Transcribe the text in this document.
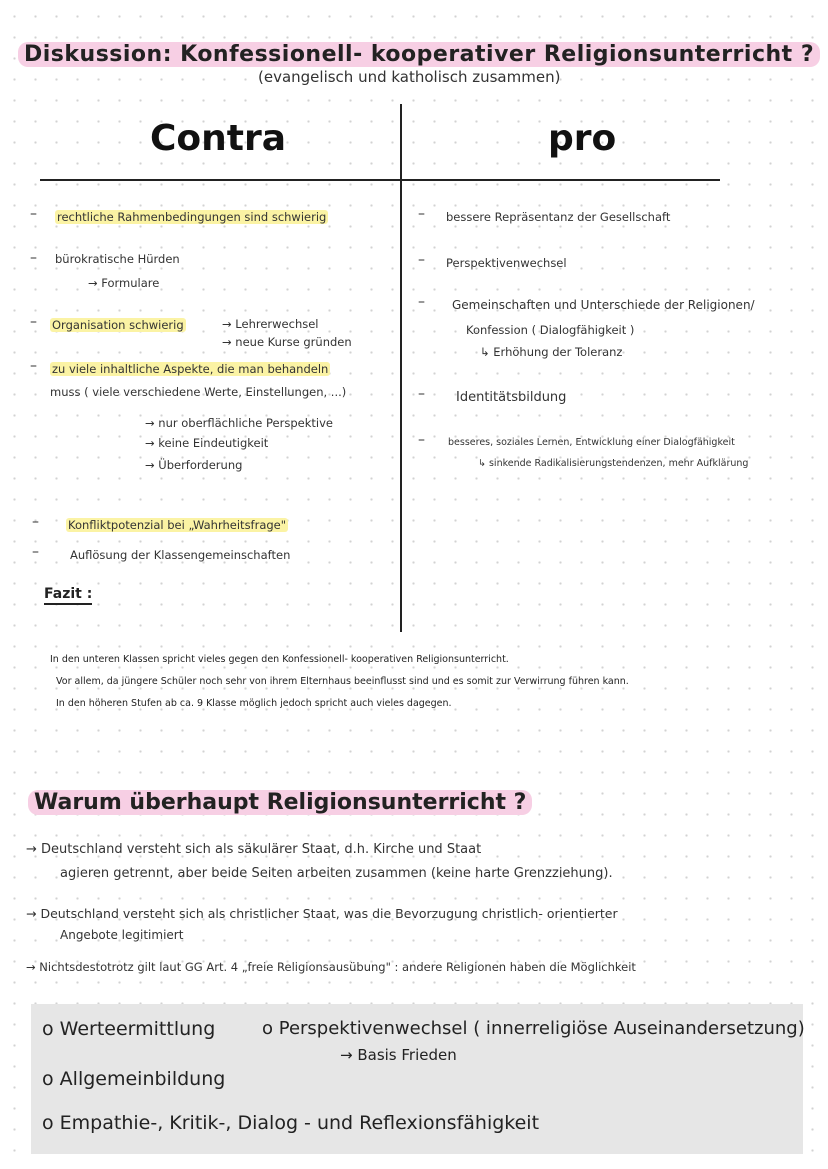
Diskussion: Konfessionell- kooperativer Religionsunterricht ?
(evangelisch und katholisch zusammen)
Contra	pro
– rechtliche Rahmenbedingungen sind schwierig
– bürokratische Hürden
→ Formulare
– Organisation schwierig	→ Lehrerwechsel
→ neue Kurse gründen
– zu viele inhaltliche Aspekte, die man behandeln
muss ( viele verschiedene Werte, Einstellungen, ...)
→ nur oberflächliche Perspektive
→ keine Eindeutigkeit
→ Überforderung
–	Konfliktpotenzial bei „Wahrheitsfrage"
–	Auflösung der Klassengemeinschaften
Fazit :
– bessere Repräsentanz der Gesellschaft
– Perspektivenwechsel
– Gemeinschaften und Unterschiede der Religionen/
Konfession ( Dialogfähigkeit )
↳ Erhöhung der Toleranz
– Identitätsbildung
– besseres, soziales Lernen, Entwicklung einer Dialogfähigkeit
↳ sinkende Radikalisierungstendenzen, mehr Aufklärung
In den unteren Klassen spricht vieles gegen den Konfessionell- kooperativen Religionsunterricht.
Vor allem, da jüngere Schüler noch sehr von ihrem Elternhaus beeinflusst sind und es somit zur Verwirrung führen kann.
In den höheren Stufen ab ca. 9 Klasse möglich jedoch spricht auch vieles dagegen.
Warum überhaupt Religionsunterricht ?
→ Deutschland versteht sich als säkulärer Staat, d.h. Kirche und Staat
agieren getrennt, aber beide Seiten arbeiten zusammen (keine harte Grenzziehung).
→ Deutschland versteht sich als christlicher Staat, was die Bevorzugung christlich- orientierter
Angebote legitimiert
→ Nichtsdestotrotz gilt laut GG Art. 4 „freie Religionsausübung" : andere Religionen haben die Möglichkeit
o Werteermittlung	o Perspektivenwechsel ( innerreligiöse Auseinandersetzung)
→ Basis Frieden
o Allgemeinbildung
o Empathie-, Kritik-, Dialog - und Reflexionsfähigkeit
